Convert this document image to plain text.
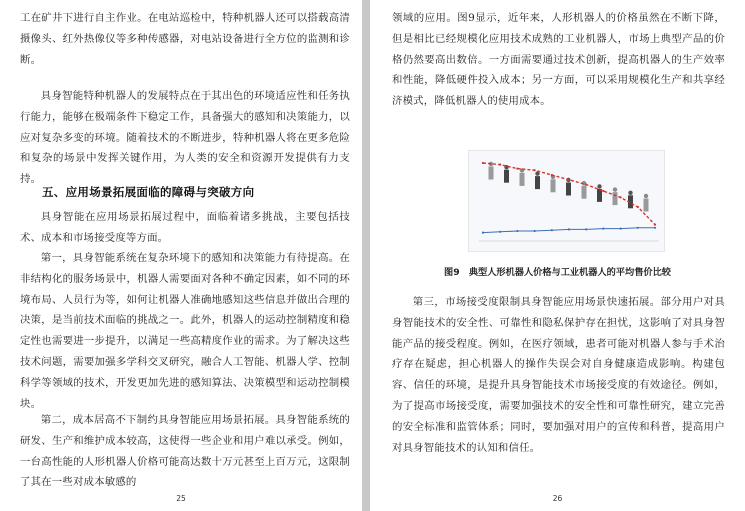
工在矿井下进行自主作业。在电站巡检中，特种机器人还可以搭载高清摄像头、红外热像仪等多种传感器，对电站设备进行全方位的监测和诊断。

具身智能特种机器人的发展特点在于其出色的环境适应性和任务执行能力，能够在极端条件下稳定工作，具备强大的感知和决策能力，以应对复杂多变的环境。随着技术的不断进步，特种机器人将在更多危险和复杂的场景中发挥关键作用，为人类的安全和资源开发提供有力支持。

五、应用场景拓展面临的障碍与突破方向

具身智能在应用场景拓展过程中，面临着诸多挑战，主要包括技术、成本和市场接受度等方面。

第一，具身智能系统在复杂环境下的感知和决策能力有待提高。在非结构化的服务场景中，机器人需要面对各种不确定因素，如不同的环境布局、人员行为等，如何让机器人准确地感知这些信息并做出合理的决策，是当前技术面临的挑战之一。此外，机器人的运动控制精度和稳定性也需要进一步提升，以满足一些高精度作业的需求。为了解决这些技术问题，需要加强多学科交叉研究，融合人工智能、机器人学、控制科学等领域的技术，开发更加先进的感知算法、决策模型和运动控制模块。

第二，成本居高不下制约具身智能应用场景拓展。具身智能系统的研发、生产和维护成本较高，这使得一些企业和用户难以承受。例如，一台高性能的人形机器人价格可能高达数十万元甚至上百万元，这限制了其在一些对成本敏感的

25

领域的应用。图9显示，近年来，人形机器人的价格虽然在不断下降，但是相比已经规模化应用技术成熟的工业机器人，市场上典型产品的价格仍然要高出数倍。一方面需要通过技术创新，提高机器人的生产效率和性能，降低硬件投入成本；另一方面，可以采用规模化生产和共享经济模式，降低机器人的使用成本。

图9　典型人形机器人价格与工业机器人的平均售价比较

第三，市场接受度限制具身智能应用场景快速拓展。部分用户对具身智能技术的安全性、可靠性和隐私保护存在担忧，这影响了对具身智能产品的接受程度。例如，在医疗领域，患者可能对机器人参与手术治疗存在疑虑，担心机器人的操作失误会对自身健康造成影响。构建包容、信任的环境，是提升具身智能技术市场接受度的有效途径。例如，为了提高市场接受度，需要加强技术的安全性和可靠性研究，建立完善的安全标准和监管体系；同时，要加强对用户的宣传和科普，提高用户对具身智能技术的认知和信任。

26
